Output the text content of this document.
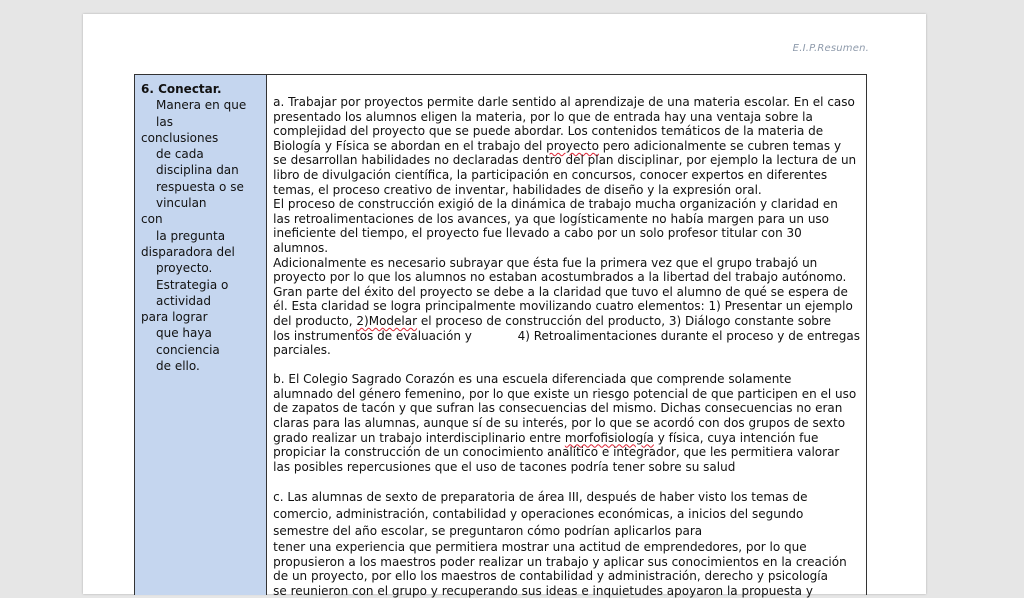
E.I.P.Resumen.
6. Conectar.
Manera en que las
conclusiones
de cada disciplina dan
respuesta o se vinculan
con
la pregunta
disparadora del
proyecto.
Estrategia o actividad
para lograr
que haya conciencia
de ello.

a. Trabajar por proyectos permite darle sentido al aprendizaje de una materia escolar. En el caso

presentado los alumnos eligen la materia, por lo que de entrada hay una ventaja sobre la

complejidad del proyecto que se puede abordar. Los contenidos temáticos de la materia de

Biología y Física se abordan en el trabajo del proyecto pero adicionalmente se cubren temas y

se desarrollan habilidades no declaradas dentro del plan disciplinar, por ejemplo la lectura de un

libro de divulgación científica, la participación en concursos, conocer expertos en diferentes

temas, el proceso creativo de inventar, habilidades de diseño y la expresión oral.

El proceso de construcción exigió de la dinámica de trabajo mucha organización y claridad en

las retroalimentaciones de los avances, ya que logísticamente no había margen para un uso

ineficiente del tiempo, el proyecto fue llevado a cabo por un solo profesor titular con 30 alumnos.

Adicionalmente es necesario subrayar que ésta fue la primera vez que el grupo trabajó un

proyecto por lo que los alumnos no estaban acostumbrados a la libertad del trabajo autónomo.

Gran parte del éxito del proyecto se debe a la claridad que tuvo el alumno de qué se espera de

él. Esta claridad se logra principalmente movilizando cuatro elementos: 1) Presentar un ejemplo

del producto, 2)Modelar el proceso de construcción del producto, 3) Diálogo constante sobre

los instrumentos de evaluación y            4) Retroalimentaciones durante el proceso y de entregas

parciales.

b. El Colegio Sagrado Corazón es una escuela diferenciada que comprende solamente

alumnado del género femenino, por lo que existe un riesgo potencial de que participen en el uso

de zapatos de tacón y que sufran las consecuencias del mismo. Dichas consecuencias no eran

claras para las alumnas, aunque sí de su interés, por lo que se acordó con dos grupos de sexto

grado realizar un trabajo interdisciplinario entre morfofisiología y física, cuya intención fue

propiciar la construcción de un conocimiento analítico e integrador, que les permitiera valorar

las posibles repercusiones que el uso de tacones podría tener sobre su salud

c. Las alumnas de sexto de preparatoria de área III, después de haber visto los temas de

comercio, administración, contabilidad y operaciones económicas, a inicios del segundo

semestre del año escolar, se preguntaron cómo podrían aplicarlos para

tener una experiencia que permitiera mostrar una actitud de emprendedores, por lo que

propusieron a los maestros poder realizar un trabajo y aplicar sus conocimientos en la creación

de un proyecto, por ello los maestros de contabilidad y administración, derecho y psicología

se reunieron con el grupo y recuperando sus ideas e inquietudes apoyaron la propuesta y
